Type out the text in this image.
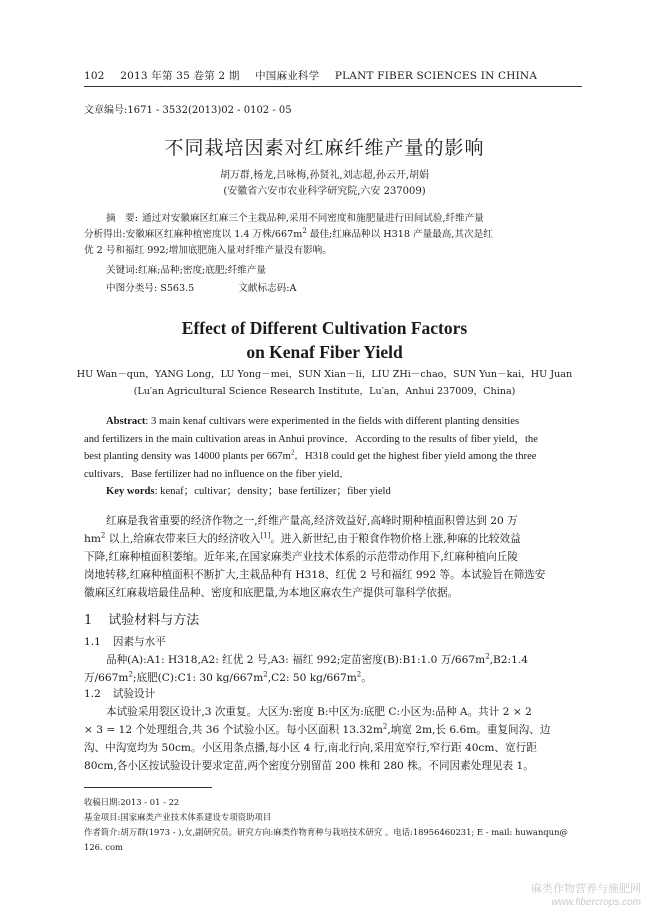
102 2013 年第 35 卷第 2 期 中国麻业科学 PLANT FIBER SCIENCES IN CHINA
文章编号:1671 - 3532(2013)02 - 0102 - 05
不同栽培因素对红麻纤维产量的影响
胡万群,杨龙,吕咏梅,孙贤礼,刘志超,孙云开,胡娟
(安徽省六安市农业科学研究院,六安 237009)
摘　要: 通过对安徽麻区红麻三个主栽品种,采用不同密度和施肥量进行田间试验,纤维产量
分析得出:安徽麻区红麻种植密度以 1.4 万株$/667m^2$ 最佳;红麻品种以 H318 产量最高,其次是红
优 2 号和福红 992;增加底肥施入量对纤维产量没有影响。
关键词:红麻;品种;密度;底肥;纤维产量
中图分类号: S563.5	文献标志码:A
Effect of Different Cultivation Factors
on Kenaf Fiber Yield
HU Wan－qun，YANG Long，LU Yong－mei，SUN Xian－li，LIU ZHi－chao，SUN Yun－kai，HU Juan
(Lu′an Agricultural Science Research Institute，Lu′an，Anhui 237009，China)
Abstract: 3 main kenaf cultivars were experimented in the fields with different planting densities
and fertilizers in the main cultivation areas in Anhui province．According to the results of fiber yield，the
best planting density was 14000 plants per $667m^2$．H318 could get the highest fiber yield among the three
cultivars．Base fertilizer had no influence on the fiber yield．
Key words: kenaf；cultivar；density；base fertilizer；fiber yield
红麻是我省重要的经济作物之一,纤维产量高,经济效益好,高峰时期种植面积曾达到 20 万
$hm^2$ 以上,给麻农带来巨大的经济收入[1]。进入新世纪,由于粮食作物价格上涨,种麻的比较效益
下降,红麻种植面积萎缩。近年来,在国家麻类产业技术体系的示范带动作用下,红麻种植向丘陵
岗地转移,红麻种植面积不断扩大,主栽品种有 H318、红优 2 号和福红 992 等。本试验旨在筛选安
徽麻区红麻栽培最佳品种、密度和底肥量,为本地区麻农生产提供可靠科学依据。
1 试验材料与方法
1.1 因素与水平
品种(A):A1: H318,A2: 红优 2 号,A3: 福红 992;定苗密度(B):B1:1.0 万$/667m^2,B2:1.4$
万$/667m^2$;底肥(C):C1: 30 $kg/667m^2,C2$: 50 $kg/667m^2$。
1.2 试验设计
本试验采用裂区设计,3 次重复。大区为:密度 B:中区为:底肥 C:小区为:品种 A。共计 2 × 2
× 3 = 12 个处理组合,共 36 个试验小区。每小区面积 $13.32m^2$,垧宽 2m,长 6.6m。重复间沟、边
沟、中沟宽均为 50cm。小区用条点播,每小区 4 行,南北行向,采用宽窄行,窄行距 40cm、宽行距
80cm,各小区按试验设计要求定苗,两个密度分别留苗 200 株和 280 株。不同因素处理见表 1。
收稿日期:2013 - 01 - 22
基金项目:国家麻类产业技术体系建设专项资助项目
作者简介:胡万群(1973 - ),女,副研究员。研究方向:麻类作物育种与栽培技术研究 。电话:18956460231; E - mail: huwanqun@
126. com
麻类作物营养与施肥网
www.fibercrops.com
